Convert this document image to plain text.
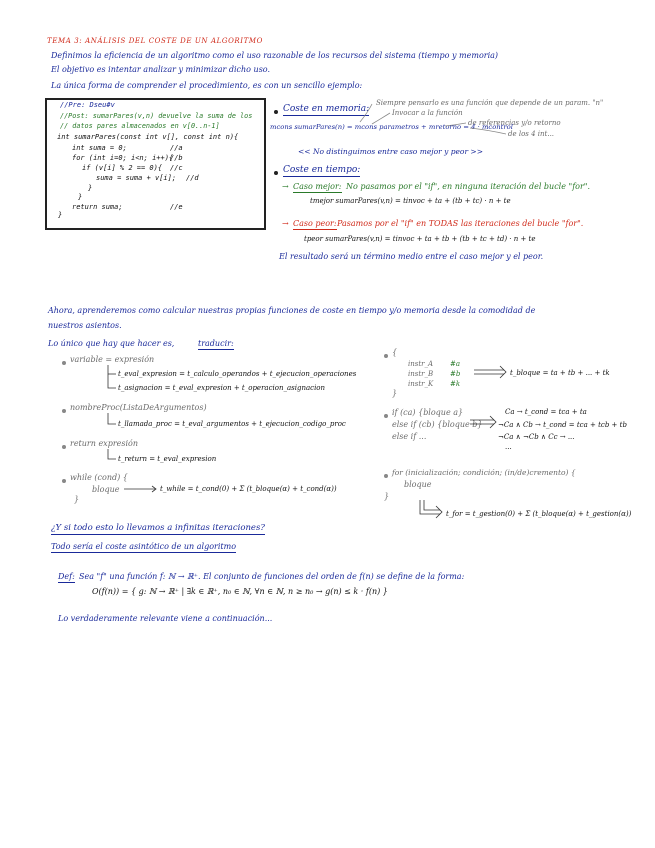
TEMA 3: ANÁLISIS DEL COSTE DE UN ALGORITMO
Definimos la eficiencia de un algoritmo como el uso razonable de los recursos del sistema (tiempo y memoria)
El objetivo es intentar analizar y minimizar dicho uso.
La única forma de comprender el procedimiento, es con un sencillo ejemplo:
//Pre: Dseu#v
//Post: sumarPares(v,n) devuelve la suma de los
// datos pares almacenados en v[0..n-1]
int sumarPares(const int v[], const int n){
int suma = 0;	//a
for (int i=0; i<n; i++){
//b
if (v[i] % 2 == 0){ //c
suma = suma + v[i]; //d
}
}
return suma;	//e
}
Coste en memoria:
Siempre pensarlo es una función que depende de un param. "n"
Invocar a la función
de referencias y/o retorno
mcons sumarPares(n) = mcons parametros + mretorno = 4 · mcontrol
de los 4 int...
<< No distinguimos entre caso mejor y peor >>
Coste en tiempo:
→ Caso mejor: No pasamos por el "if", en ninguna iteración del bucle "for".
tmejor sumarPares(v,n) = tinvoc + ta + (tb + tc) · n + te
→ Caso peor: Pasamos por el "if" en TODAS las iteraciones del bucle "for".
tpeor sumarPares(v,n) = tinvoc + ta + tb + (tb + tc + td) · n + te
El resultado será un término medio entre el caso mejor y el peor.
Ahora, aprenderemos como calcular nuestras propias funciones de coste en tiempo y/o memoria desde la comodidad de
nuestros asientos.
Lo único que hay que hacer es,	traducir:
variable = expresión
t_eval_expresion = t_calculo_operandos + t_ejecucion_operaciones
t_asignacion = t_eval_expresion + t_operacion_asignacion
nombreProc(ListaDeArgumentos)
t_llamada_proc = t_eval_argumentos + t_ejecucion_codigo_proc
return expresión
t_return = t_eval_expresion
while (cond) {
bloque
}
t_while = t_cond(0) + Σ (t_bloque(α) + t_cond(α))
{
instr_A #a
instr_B #b
instr_K #k
}
t_bloque = ta + tb + ... + tk
if (ca) {bloque a}
else if (cb) {bloque b}
else if ...
Ca → t_cond = tca + ta
¬Ca ∧ Cb → t_cond = tca + tcb + tb
¬Ca ∧ ¬Cb ∧ Cc → ...
...
for (inicialización; condición; (in/de)cremento) {
bloque
}
t_for = t_gestion(0) + Σ (t_bloque(α) + t_gestion(α))
¿Y si todo esto lo llevamos a infinitas iteraciones?
Todo sería el coste asintótico de un algoritmo
Def: Sea "f" una función f: ℕ → ℝ⁺. El conjunto de funciones del orden de f(n) se define de la forma:
O(f(n)) = { g: ℕ → ℝ⁺ | ∃k ∈ ℝ⁺, n₀ ∈ ℕ, ∀n ∈ ℕ, n ≥ n₀ → g(n) ≤ k · f(n) }
Lo verdaderamente relevante viene a continuación...
